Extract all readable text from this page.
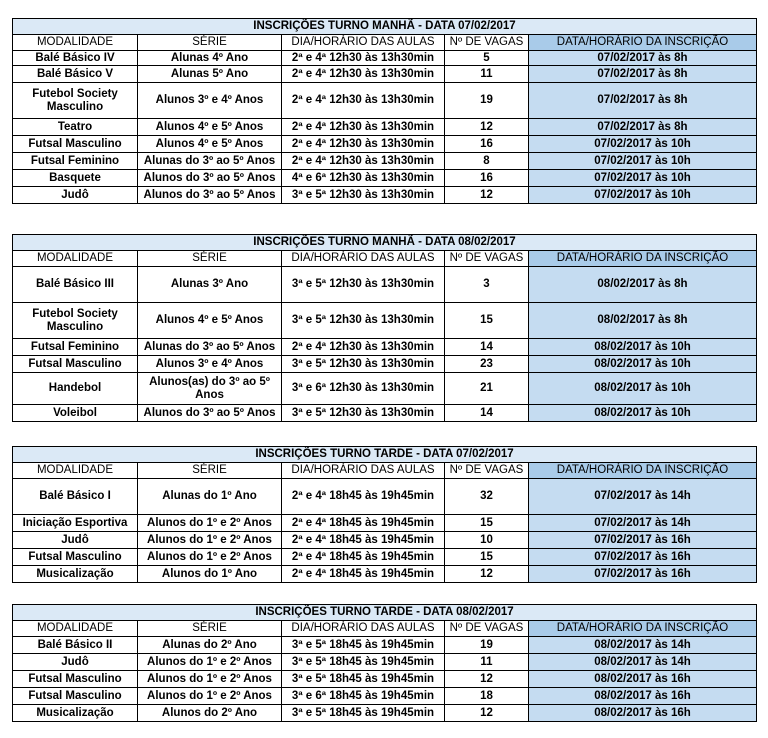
INSCRIÇÕES TURNO MANHÃ - DATA 07/02/2017				
MODALIDADE	SÉRIE	DIA/HORÁRIO DAS AULAS	Nº DE VAGAS	DATA/HORÁRIO DA INSCRIÇÃO
Balé Básico IV	Alunas 4º Ano	2ª e 4ª 12h30 às 13h30min	5	07/02/2017 às 8h
Balé Básico V	Alunas 5º Ano	2ª e 4ª 12h30 às 13h30min	11	07/02/2017 às 8h
Futebol Society Masculino	Alunos 3º e 4º Anos	2ª e 4ª 12h30 às 13h30min	19	07/02/2017 às 8h
Teatro	Alunos 4º e 5º Anos	2ª e 4ª 12h30 às 13h30min	12	07/02/2017 às 8h
Futsal Masculino	Alunos 4º e 5º Anos	2ª e 4ª 12h30 às 13h30min	16	07/02/2017 às 10h
Futsal Feminino	Alunas do 3º ao 5º Anos	2ª e 4ª 12h30 às 13h30min	8	07/02/2017 às 10h
Basquete	Alunos do 3º ao 5º Anos	4ª e 6ª 12h30 às 13h30min	16	07/02/2017 às 10h
Judô	Alunos do 3º ao 5º Anos	3ª e 5ª 12h30 às 13h30min	12	07/02/2017 às 10h
INSCRIÇÕES TURNO MANHÃ - DATA 08/02/2017				
MODALIDADE	SÉRIE	DIA/HORÁRIO DAS AULAS	Nº DE VAGAS	DATA/HORÁRIO DA INSCRIÇÃO
Balé Básico III	Alunas 3º Ano	3ª e 5ª 12h30 às 13h30min	3	08/02/2017 às 8h
Futebol Society Masculino	Alunos 4º e 5º Anos	3ª e 5ª 12h30 às 13h30min	15	08/02/2017 às 8h
Futsal Feminino	Alunas do 3º ao 5º Anos	2ª e 4ª 12h30 às 13h30min	14	08/02/2017 às 10h
Futsal Masculino	Alunos 3º e 4º Anos	3ª e 5ª 12h30 às 13h30min	23	08/02/2017 às 10h
Handebol	Alunos(as) do 3º ao 5º Anos	3ª e 6ª 12h30 às 13h30min	21	08/02/2017 às 10h
Voleibol	Alunos do 3º ao 5º Anos	3ª e 5ª 12h30 às 13h30min	14	08/02/2017 às 10h
INSCRIÇÕES TURNO TARDE - DATA 07/02/2017				
MODALIDADE	SÉRIE	DIA/HORÁRIO DAS AULAS	Nº DE VAGAS	DATA/HORÁRIO DA INSCRIÇÃO
Balé Básico I	Alunas do 1º Ano	2ª e 4ª 18h45 às 19h45min	32	07/02/2017 às 14h
Iniciação Esportiva	Alunos do 1º e 2º Anos	2ª e 4ª 18h45 às 19h45min	15	07/02/2017 às 14h
Judô	Alunos do 1º e 2º Anos	2ª e 4ª 18h45 às 19h45min	10	07/02/2017 às 16h
Futsal Masculino	Alunos do 1º e 2º Anos	2ª e 4ª 18h45 às 19h45min	15	07/02/2017 às 16h
Musicalização	Alunos do 1º Ano	2ª e 4ª 18h45 às 19h45min	12	07/02/2017 às 16h
INSCRIÇÕES TURNO TARDE - DATA 08/02/2017				
MODALIDADE	SÉRIE	DIA/HORÁRIO DAS AULAS	Nº DE VAGAS	DATA/HORÁRIO DA INSCRIÇÃO
Balé Básico II	Alunas do 2º Ano	3ª e 5ª 18h45 às 19h45min	19	08/02/2017 às 14h
Judô	Alunos do 1º e 2º Anos	3ª e 5ª 18h45 às 19h45min	11	08/02/2017 às 14h
Futsal Masculino	Alunos do 1º e 2º Anos	3ª e 5ª 18h45 às 19h45min	12	08/02/2017 às 16h
Futsal Masculino	Alunos do 1º e 2º Anos	3ª e 6ª 18h45 às 19h45min	18	08/02/2017 às 16h
Musicalização	Alunos do 2º Ano	3ª e 5ª 18h45 às 19h45min	12	08/02/2017 às 16h
